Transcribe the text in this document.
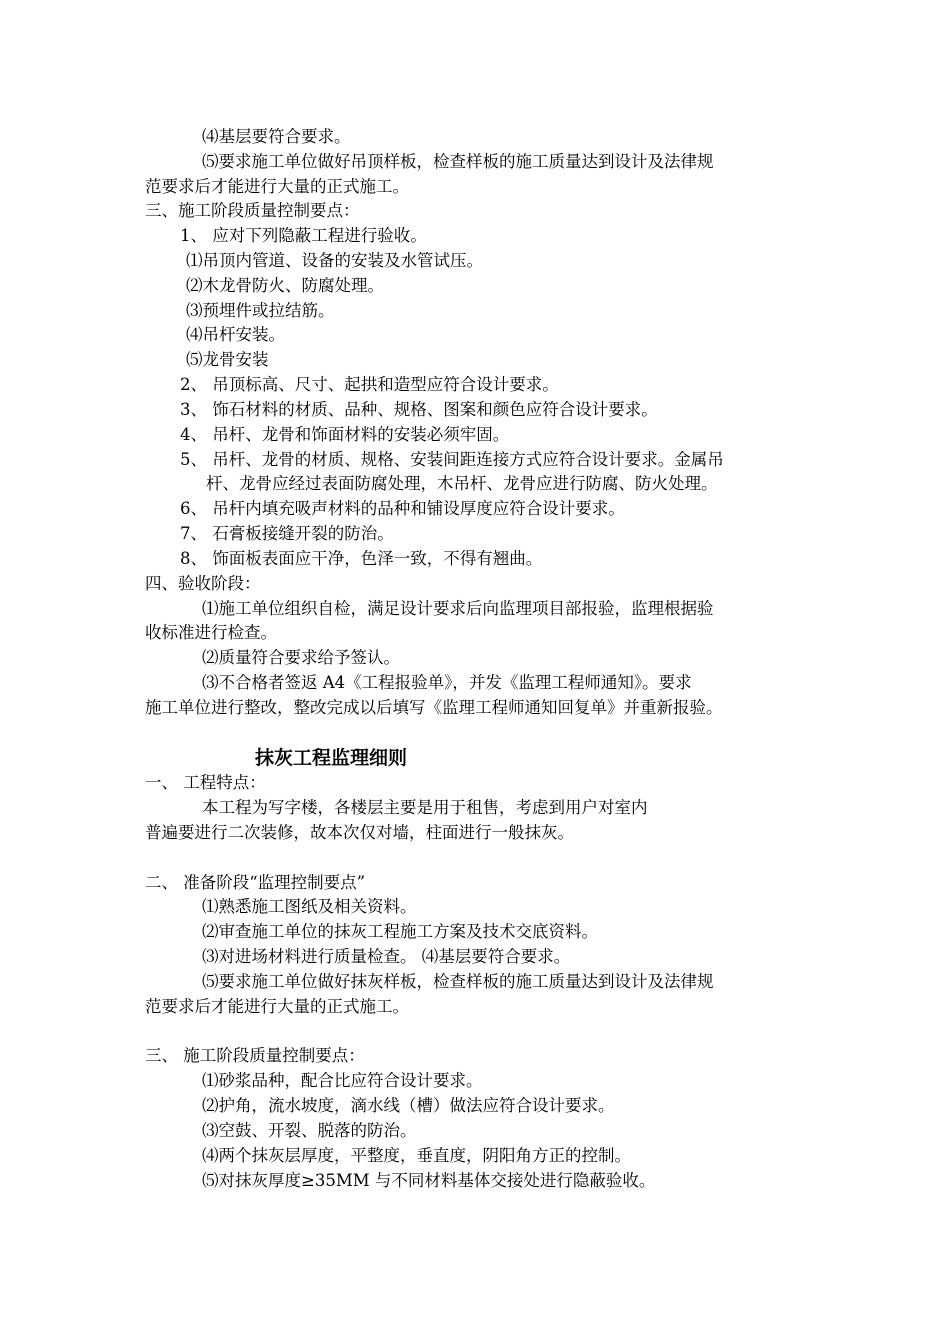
⑷基层要符合要求。
⑸要求施工单位做好吊顶样板，检查样板的施工质量达到设计及法律规
范要求后才能进行大量的正式施工。
三、施工阶段质量控制要点：
1、 应对下列隐蔽工程进行验收。
⑴吊顶内管道、设备的安装及水管试压。
⑵木龙骨防火、防腐处理。
⑶预埋件或拉结筋。
⑷吊杆安装。
⑸龙骨安装
2、 吊顶标高、尺寸、起拱和造型应符合设计要求。
3、 饰石材料的材质、品种、规格、图案和颜色应符合设计要求。
4、 吊杆、龙骨和饰面材料的安装必须牢固。
5、 吊杆、龙骨的材质、规格、安装间距连接方式应符合设计要求。金属吊
杆、龙骨应经过表面防腐处理，木吊杆、龙骨应进行防腐、防火处理。
6、 吊杆内填充吸声材料的品种和铺设厚度应符合设计要求。
7、 石膏板接缝开裂的防治。
8、 饰面板表面应干净，色泽一致，不得有翘曲。
四、验收阶段：
⑴施工单位组织自检，满足设计要求后向监理项目部报验，监理根据验
收标准进行检查。
⑵质量符合要求给予签认。
⑶不合格者签返 A4《工程报验单》，并发《监理工程师通知》。要求
施工单位进行整改，整改完成以后填写《监理工程师通知回复单》并重新报验。
抹灰工程监理细则
一、 工程特点：
本工程为写字楼，各楼层主要是用于租售，考虑到用户对室内
普遍要进行二次装修，故本次仅对墙，柱面进行一般抹灰。
二、 准备阶段“监理控制要点”
⑴熟悉施工图纸及相关资料。
⑵审查施工单位的抹灰工程施工方案及技术交底资料。
⑶对进场材料进行质量检查。 ⑷基层要符合要求。
⑸要求施工单位做好抹灰样板，检查样板的施工质量达到设计及法律规
范要求后才能进行大量的正式施工。
三、 施工阶段质量控制要点：
⑴砂浆品种，配合比应符合设计要求。
⑵护角，流水坡度，滴水线（槽）做法应符合设计要求。
⑶空鼓、开裂、脱落的防治。
⑷两个抹灰层厚度，平整度，垂直度，阴阳角方正的控制。
⑸对抹灰厚度≥35MM 与不同材料基体交接处进行隐蔽验收。
